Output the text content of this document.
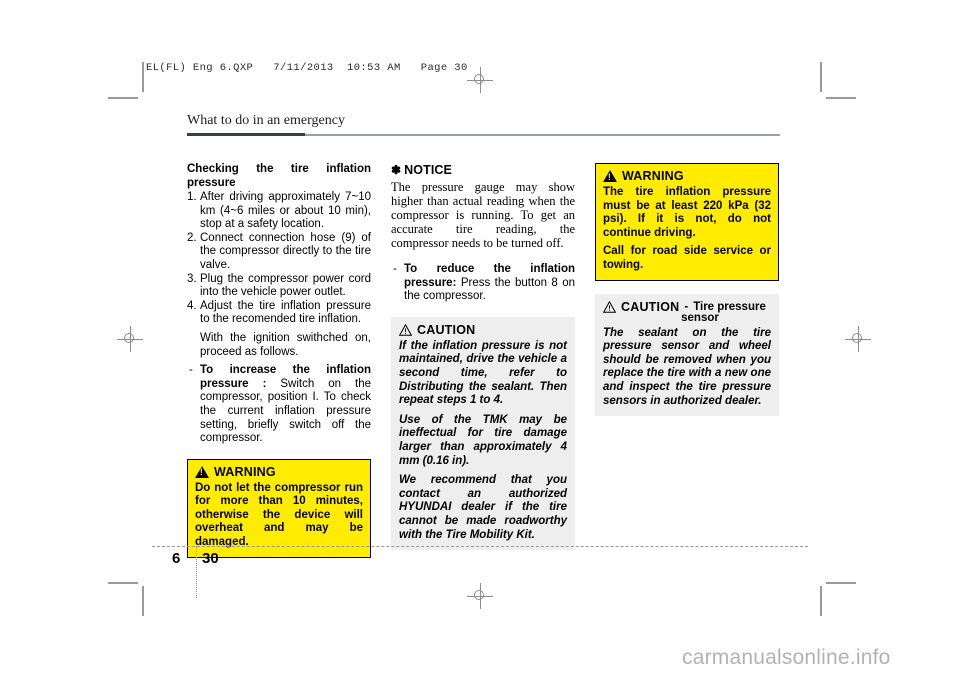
EL(FL) Eng 6.QXP   7/11/2013  10:53 AM   Page 30
What to do in an emergency

Checking the tire inflation pressure

1. After driving approximately 7~10 km (4~6 miles or about 10 min), stop at a safety location.

2. Connect connection hose (9) of the compressor directly to the tire valve.

3. Plug the compressor power cord into the vehicle power outlet.

4. Adjust the tire inflation pressure to the recomended tire inflation.

With the ignition swithched on, proceed as follows.

- To increase the inflation pressure : Switch on the compressor, position I. To check the current inflation pressure setting, briefly switch off the compressor.

!
WARNING

Do not let the compressor run for more than 10 minutes, otherwise the device will overheat and may be damaged.

✽ NOTICE

The pressure gauge may show higher than actual reading when the compressor is running. To get an accurate tire reading, the compressor needs to be turned off.

- To reduce the inflation pressure: Press the button 8 on the compressor.

CAUTION

If the inflation pressure is not maintained, drive the vehicle a second time, refer to Distributing the sealant. Then repeat steps 1 to 4.

Use of the TMK may be ineffectual for tire damage larger than approximately 4 mm (0.16 in).

We recommend that you contact an authorized HYUNDAI dealer if the tire cannot be made roadworthy with the Tire Mobility Kit.

!
WARNING

The tire inflation pressure must be at least 220 kPa (32 psi). If it is not, do not continue driving.

Call for road side service or towing.

CAUTION - Tire pressure
sensor

The sealant on the tire pressure sensor and wheel should be removed when you replace the tire with a new one and inspect the tire pressure sensors in authorized dealer.

6 30
carmanualsonline.info
